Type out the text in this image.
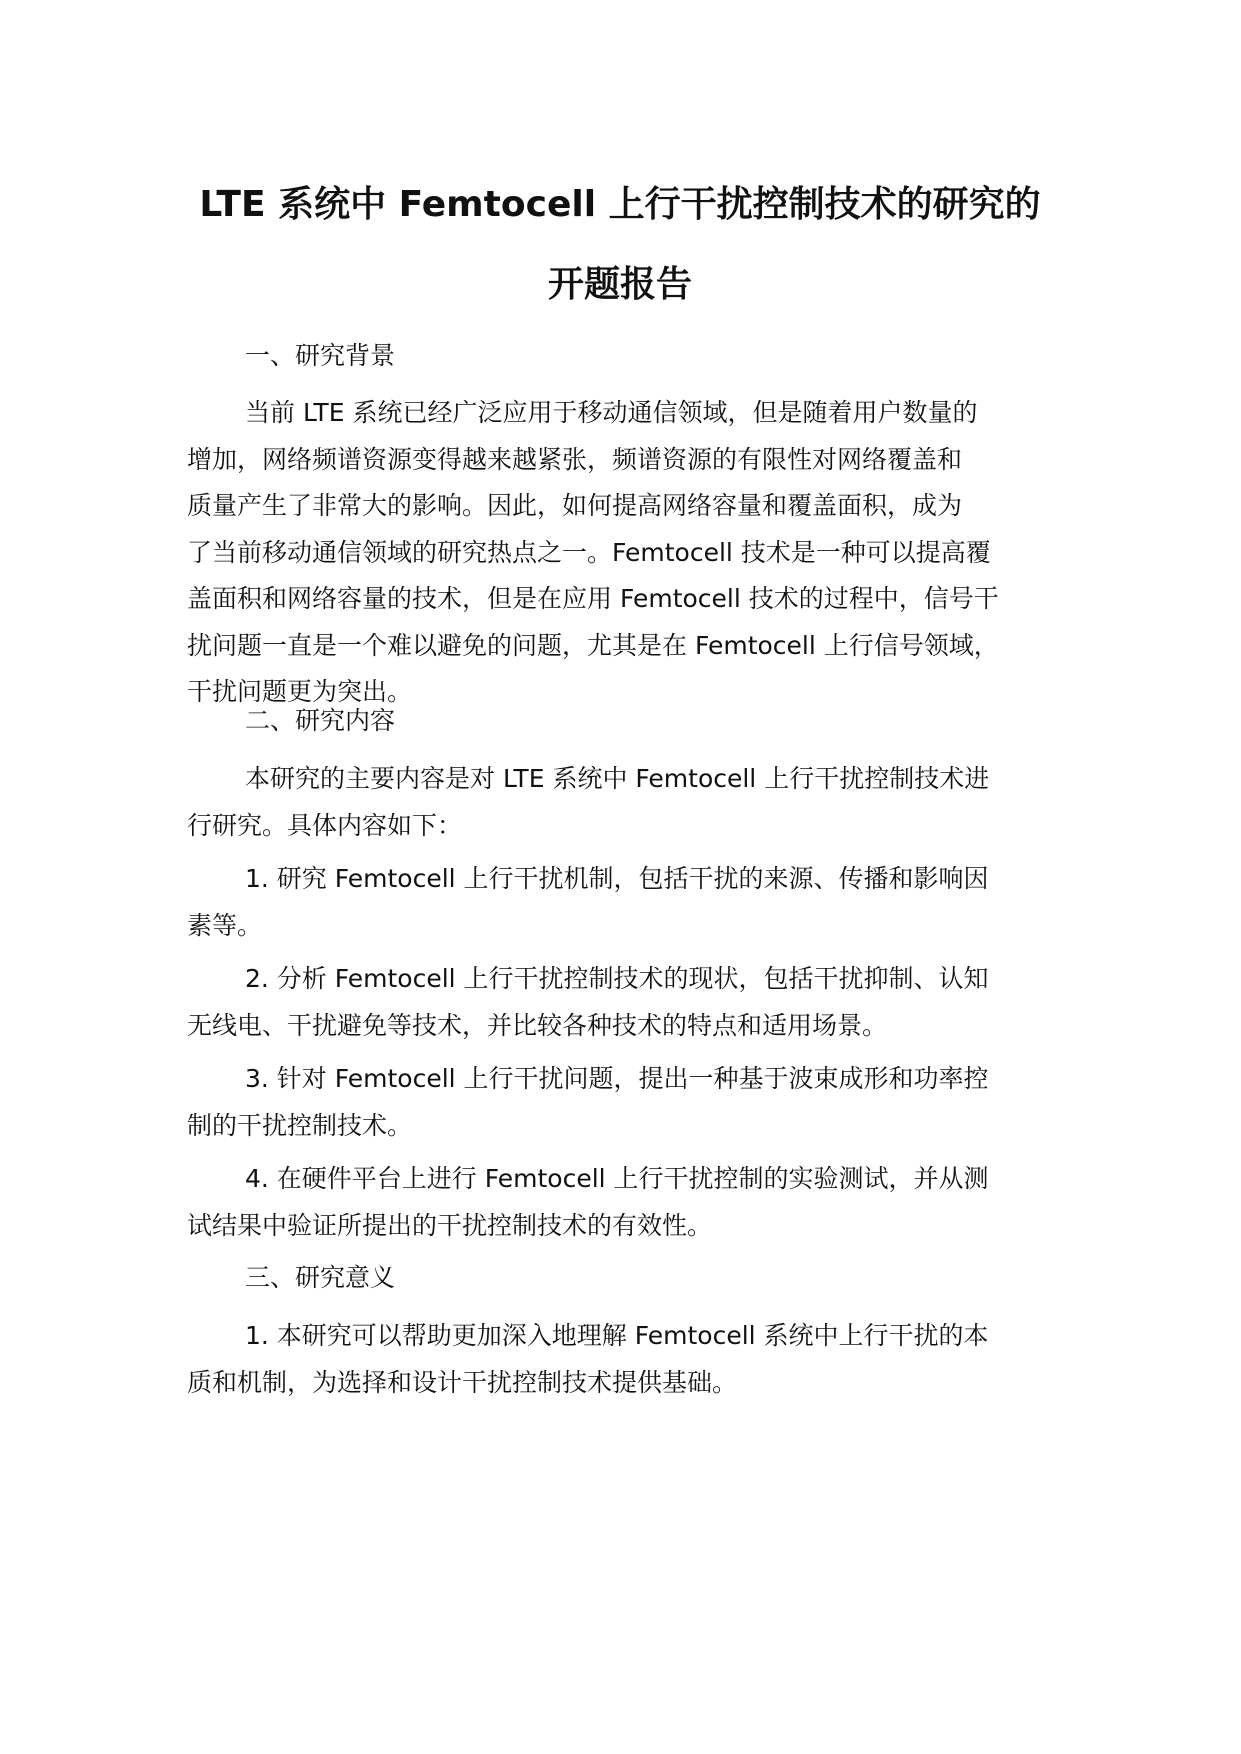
LTE 系统中 Femtocell 上行干扰控制技术的研究的
开题报告

一、研究背景

当前 LTE 系统已经广泛应用于移动通信领域，但是随着用户数量的
增加，网络频谱资源变得越来越紧张，频谱资源的有限性对网络覆盖和
质量产生了非常大的影响。因此，如何提高网络容量和覆盖面积，成为
了当前移动通信领域的研究热点之一。Femtocell 技术是一种可以提高覆
盖面积和网络容量的技术，但是在应用 Femtocell 技术的过程中，信号干
扰问题一直是一个难以避免的问题，尤其是在 Femtocell 上行信号领域，
干扰问题更为突出。

二、研究内容

本研究的主要内容是对 LTE 系统中 Femtocell 上行干扰控制技术进
行研究。具体内容如下：
1. 研究 Femtocell 上行干扰机制，包括干扰的来源、传播和影响因
素等。
2. 分析 Femtocell 上行干扰控制技术的现状，包括干扰抑制、认知
无线电、干扰避免等技术，并比较各种技术的特点和适用场景。
3. 针对 Femtocell 上行干扰问题，提出一种基于波束成形和功率控
制的干扰控制技术。
4. 在硬件平台上进行 Femtocell 上行干扰控制的实验测试，并从测
试结果中验证所提出的干扰控制技术的有效性。

三、研究意义

1. 本研究可以帮助更加深入地理解 Femtocell 系统中上行干扰的本
质和机制，为选择和设计干扰控制技术提供基础。
